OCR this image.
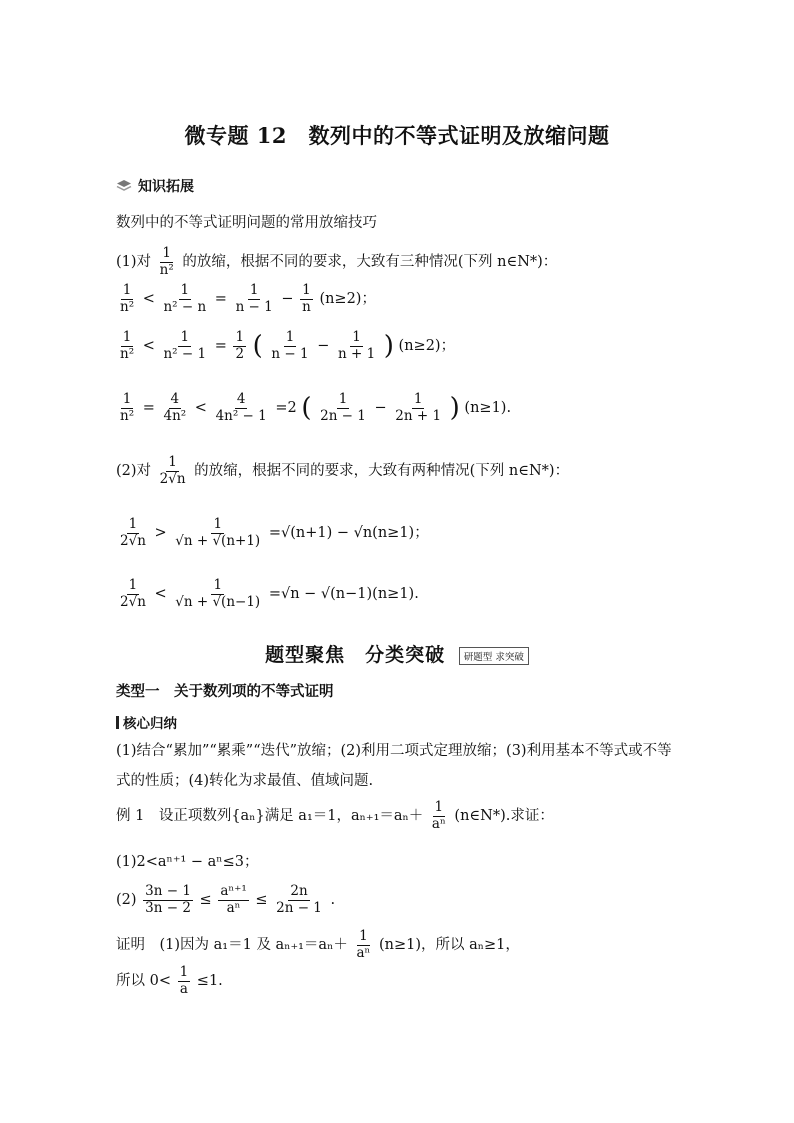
微专题 12　数列中的不等式证明及放缩问题
知识拓展
数列中的不等式证明问题的常用放缩技巧
(1)对 $\frac{1}{\text{n²}}$ 的放缩，根据不同的要求，大致有三种情况(下列 n∈N*)：
$\frac{1}{\text{n²}} < \frac{1}{\text{n² − n}} = \frac{1}{n - 1} - \frac{1}{n} (n\ge 2)$；
$\frac{1}{\text{n²}} < \frac{1}{\text{n² − 1}} = \frac{1}{2}$ ( $\frac{1}{n - 1} - \frac{1}{n + 1}$ ) (n≥2)；
$\frac{1}{\text{n²}} = \frac{4}{\text{4n²}} < \frac{4}{\text{4n² − 1}} =2$ ( $\frac{1}{2n - 1} - \frac{1}{2n + 1}$ ) (n≥1).
(2)对 $\frac{1}{2√n}$ 的放缩，根据不同的要求，大致有两种情况(下列 n∈N*)：
$\frac{1}{2√n} > \frac{1}{√n + √(n+1)} =√(n+1) - √n(n\ge 1)$；
$\frac{1}{2√n} < \frac{1}{√n + √(n-1)} =√n - √(n-1)(n\ge 1)$.
题型聚焦　分类突破 研题型 求突破
类型一　关于数列项的不等式证明
核心归纳
(1)结合“累加”“累乘”“迭代”放缩；(2)利用二项式定理放缩；(3)利用基本不等式或不等式的性质；(4)转化为求最值、值域问题.
例 1　设正项数列{aₙ}满足 a₁＝1，$a_{n+1}=a_n+ \frac{1}{\text{aⁿ}}$ (n∈N*).求证：
(1)2<aⁿ⁺¹ − aⁿ≤3；
$(2) \frac{3n - 1}{3n - 2} \le \frac{\text{aⁿ⁺¹}}{\text{aⁿ}} \le \frac{2n}{2n - 1}$ .
证明　(1)因为 a₁＝1 及 $a_{n+1}=a_n+ \frac{1}{\text{aⁿ}} (n\ge 1)$，所以 aₙ≥1，
所以 $0< \frac{1}{a} \le 1$.
